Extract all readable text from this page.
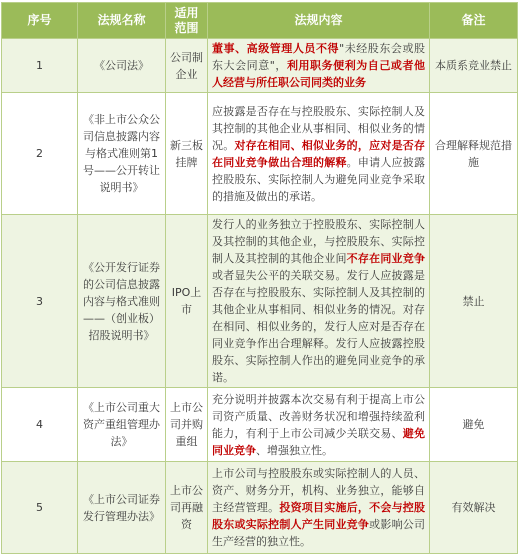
序号	法规名称	适用范围	法规内容	备注
1	《公司法》	公司制企业	董事、高级管理人员不得"未经股东会或股东大会同意"，利用职务便利为自己或者他人经营与所任职公司同类的业务	本质系竞业禁止
2	《非上市公众公司信息披露内容与格式准则第1号——公开转让说明书》	新三板挂牌	应披露是否存在与控股股东、实际控制人及其控制的其他企业从事相同、相似业务的情况。对存在相同、相似业务的，应对是否存在同业竞争做出合理的解释。申请人应披露控股股东、实际控制人为避免同业竞争采取的措施及做出的承诺。	合理解释规范措施
3	《公开发行证券的公司信息披露内容与格式准则——（创业板）招股说明书》	IPO上市	发行人的业务独立于控股股东、实际控制人及其控制的其他企业，与控股股东、实际控制人及其控制的其他企业间不存在同业竞争或者显失公平的关联交易。发行人应披露是否存在与控股股东、实际控制人及其控制的其他企业从事相同、相似业务的情况。对存在相同、相似业务的，发行人应对是否存在同业竞争作出合理解释。发行人应披露控股股东、实际控制人作出的避免同业竞争的承诺。	禁止
4	《上市公司重大资产重组管理办法》	上市公司并购重组	充分说明并披露本次交易有利于提高上市公司资产质量、改善财务状况和增强持续盈利能力，有利于上市公司减少关联交易、避免同业竞争、增强独立性。	避免
5	《上市公司证券发行管理办法》	上市公司再融资	上市公司与控股股东或实际控制人的人员、资产、财务分开，机构、业务独立，能够自主经营管理。投资项目实施后，不会与控股股东或实际控制人产生同业竞争或影响公司生产经营的独立性。	有效解决
